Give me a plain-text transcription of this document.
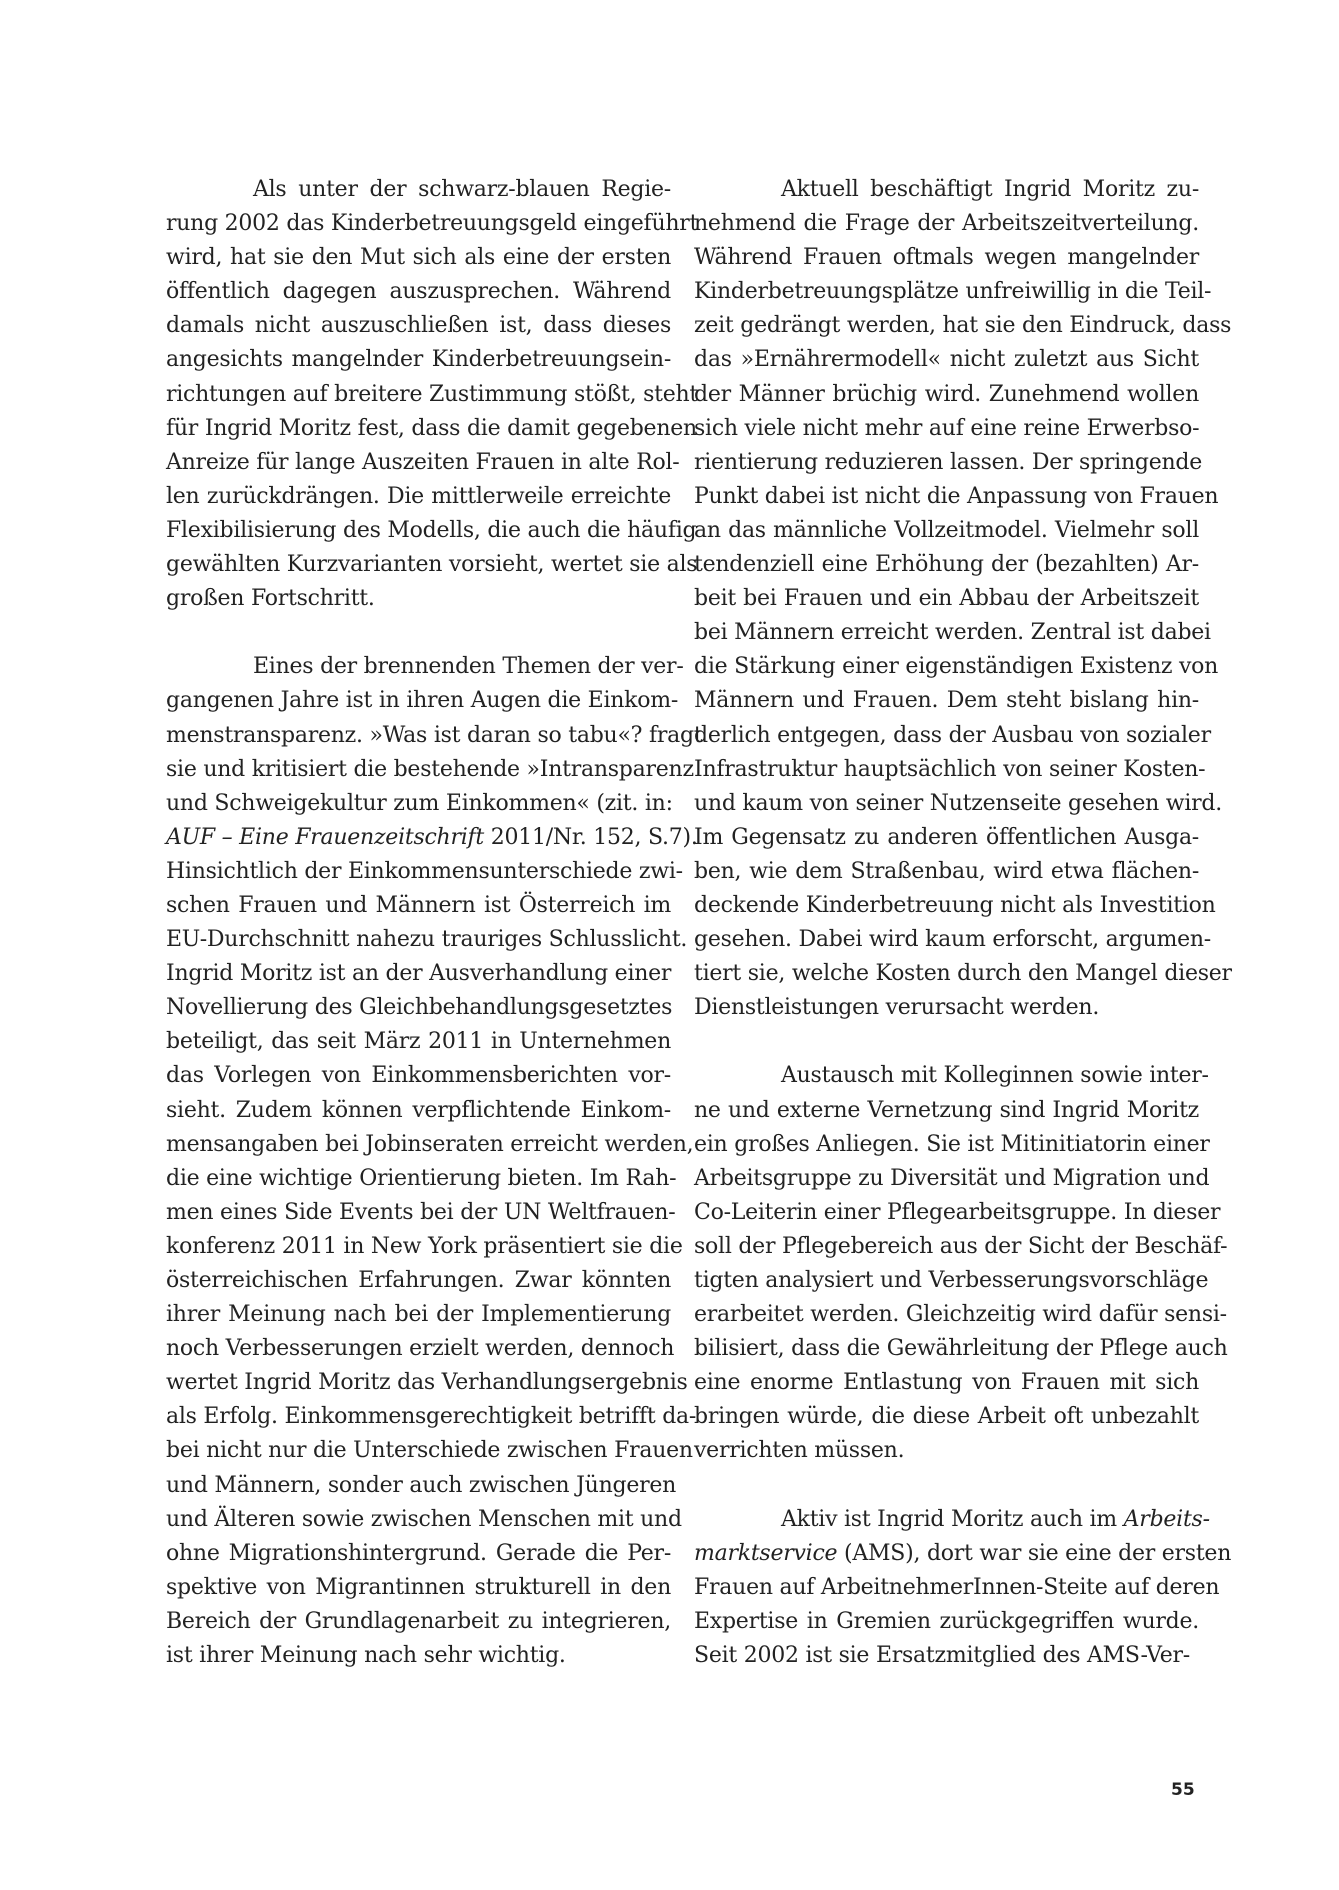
Als unter der schwarz-blauen Regie-
rung 2002 das Kinderbetreuungsgeld eingeführt
wird, hat sie den Mut sich als eine der ersten
öffentlich dagegen auszusprechen. Während
damals nicht auszuschließen ist, dass dieses
angesichts mangelnder Kinderbetreuungsein-
richtungen auf breitere Zustimmung stößt, steht
für Ingrid Moritz fest, dass die damit gegebenen
Anreize für lange Auszeiten Frauen in alte Rol-
len zurückdrängen. Die mittlerweile erreichte
Flexibilisierung des Modells, die auch die häufig
gewählten Kurzvarianten vorsieht, wertet sie als
großen Fortschritt.
Eines der brennenden Themen der ver-
gangenen Jahre ist in ihren Augen die Einkom-
menstransparenz. »Was ist daran so tabu«? fragt
sie und kritisiert die bestehende »Intransparenz
und Schweigekultur zum Einkommen« (zit. in:
AUF – Eine Frauenzeitschrift 2011/Nr. 152, S.7).
Hinsichtlich der Einkommensunterschiede zwi-
schen Frauen und Männern ist Österreich im
EU-Durchschnitt nahezu trauriges Schlusslicht.
Ingrid Moritz ist an der Ausverhandlung einer
Novellierung des Gleichbehandlungsgesetztes
beteiligt, das seit März 2011 in Unternehmen
das Vorlegen von Einkommensberichten vor-
sieht. Zudem können verpflichtende Einkom-
mensangaben bei Jobinseraten erreicht werden,
die eine wichtige Orientierung bieten. Im Rah-
men eines Side Events bei der UN Weltfrauen-
konferenz 2011 in New York präsentiert sie die
österreichischen Erfahrungen. Zwar könnten
ihrer Meinung nach bei der Implementierung
noch Verbesserungen erzielt werden, dennoch
wertet Ingrid Moritz das Verhandlungsergebnis
als Erfolg. Einkommensgerechtigkeit betrifft da-
bei nicht nur die Unterschiede zwischen Frauen
und Männern, sonder auch zwischen Jüngeren
und Älteren sowie zwischen Menschen mit und
ohne Migrationshintergrund. Gerade die Per-
spektive von Migrantinnen strukturell in den
Bereich der Grundlagenarbeit zu integrieren,
ist ihrer Meinung nach sehr wichtig.
Aktuell beschäftigt Ingrid Moritz zu-
nehmend die Frage der Arbeitszeitverteilung.
Während Frauen oftmals wegen mangelnder
Kinderbetreuungsplätze unfreiwillig in die Teil-
zeit gedrängt werden, hat sie den Eindruck, dass
das »Ernährermodell« nicht zuletzt aus Sicht
der Männer brüchig wird. Zunehmend wollen
sich viele nicht mehr auf eine reine Erwerbso-
rientierung reduzieren lassen. Der springende
Punkt dabei ist nicht die Anpassung von Frauen
an das männliche Vollzeitmodel. Vielmehr soll
tendenziell eine Erhöhung der (bezahlten) Ar-
beit bei Frauen und ein Abbau der Arbeitszeit
bei Männern erreicht werden. Zentral ist dabei
die Stärkung einer eigenständigen Existenz von
Männern und Frauen. Dem steht bislang hin-
derlich entgegen, dass der Ausbau von sozialer
Infrastruktur hauptsächlich von seiner Kosten-
und kaum von seiner Nutzenseite gesehen wird.
Im Gegensatz zu anderen öffentlichen Ausga-
ben, wie dem Straßenbau, wird etwa flächen-
deckende Kinderbetreuung nicht als Investition
gesehen. Dabei wird kaum erforscht, argumen-
tiert sie, welche Kosten durch den Mangel dieser
Dienstleistungen verursacht werden.
Austausch mit Kolleginnen sowie inter-
ne und externe Vernetzung sind Ingrid Moritz
ein großes Anliegen. Sie ist Mitinitiatorin einer
Arbeitsgruppe zu Diversität und Migration und
Co-Leiterin einer Pflegearbeitsgruppe. In dieser
soll der Pflegebereich aus der Sicht der Beschäf-
tigten analysiert und Verbesserungsvorschläge
erarbeitet werden. Gleichzeitig wird dafür sensi-
bilisiert, dass die Gewährleitung der Pflege auch
eine enorme Entlastung von Frauen mit sich
bringen würde, die diese Arbeit oft unbezahlt
verrichten müssen.
Aktiv ist Ingrid Moritz auch im Arbeits-
marktservice (AMS), dort war sie eine der ersten
Frauen auf ArbeitnehmerInnen-Steite auf deren
Expertise in Gremien zurückgegriffen wurde.
Seit 2002 ist sie Ersatzmitglied des AMS-Ver-
55
